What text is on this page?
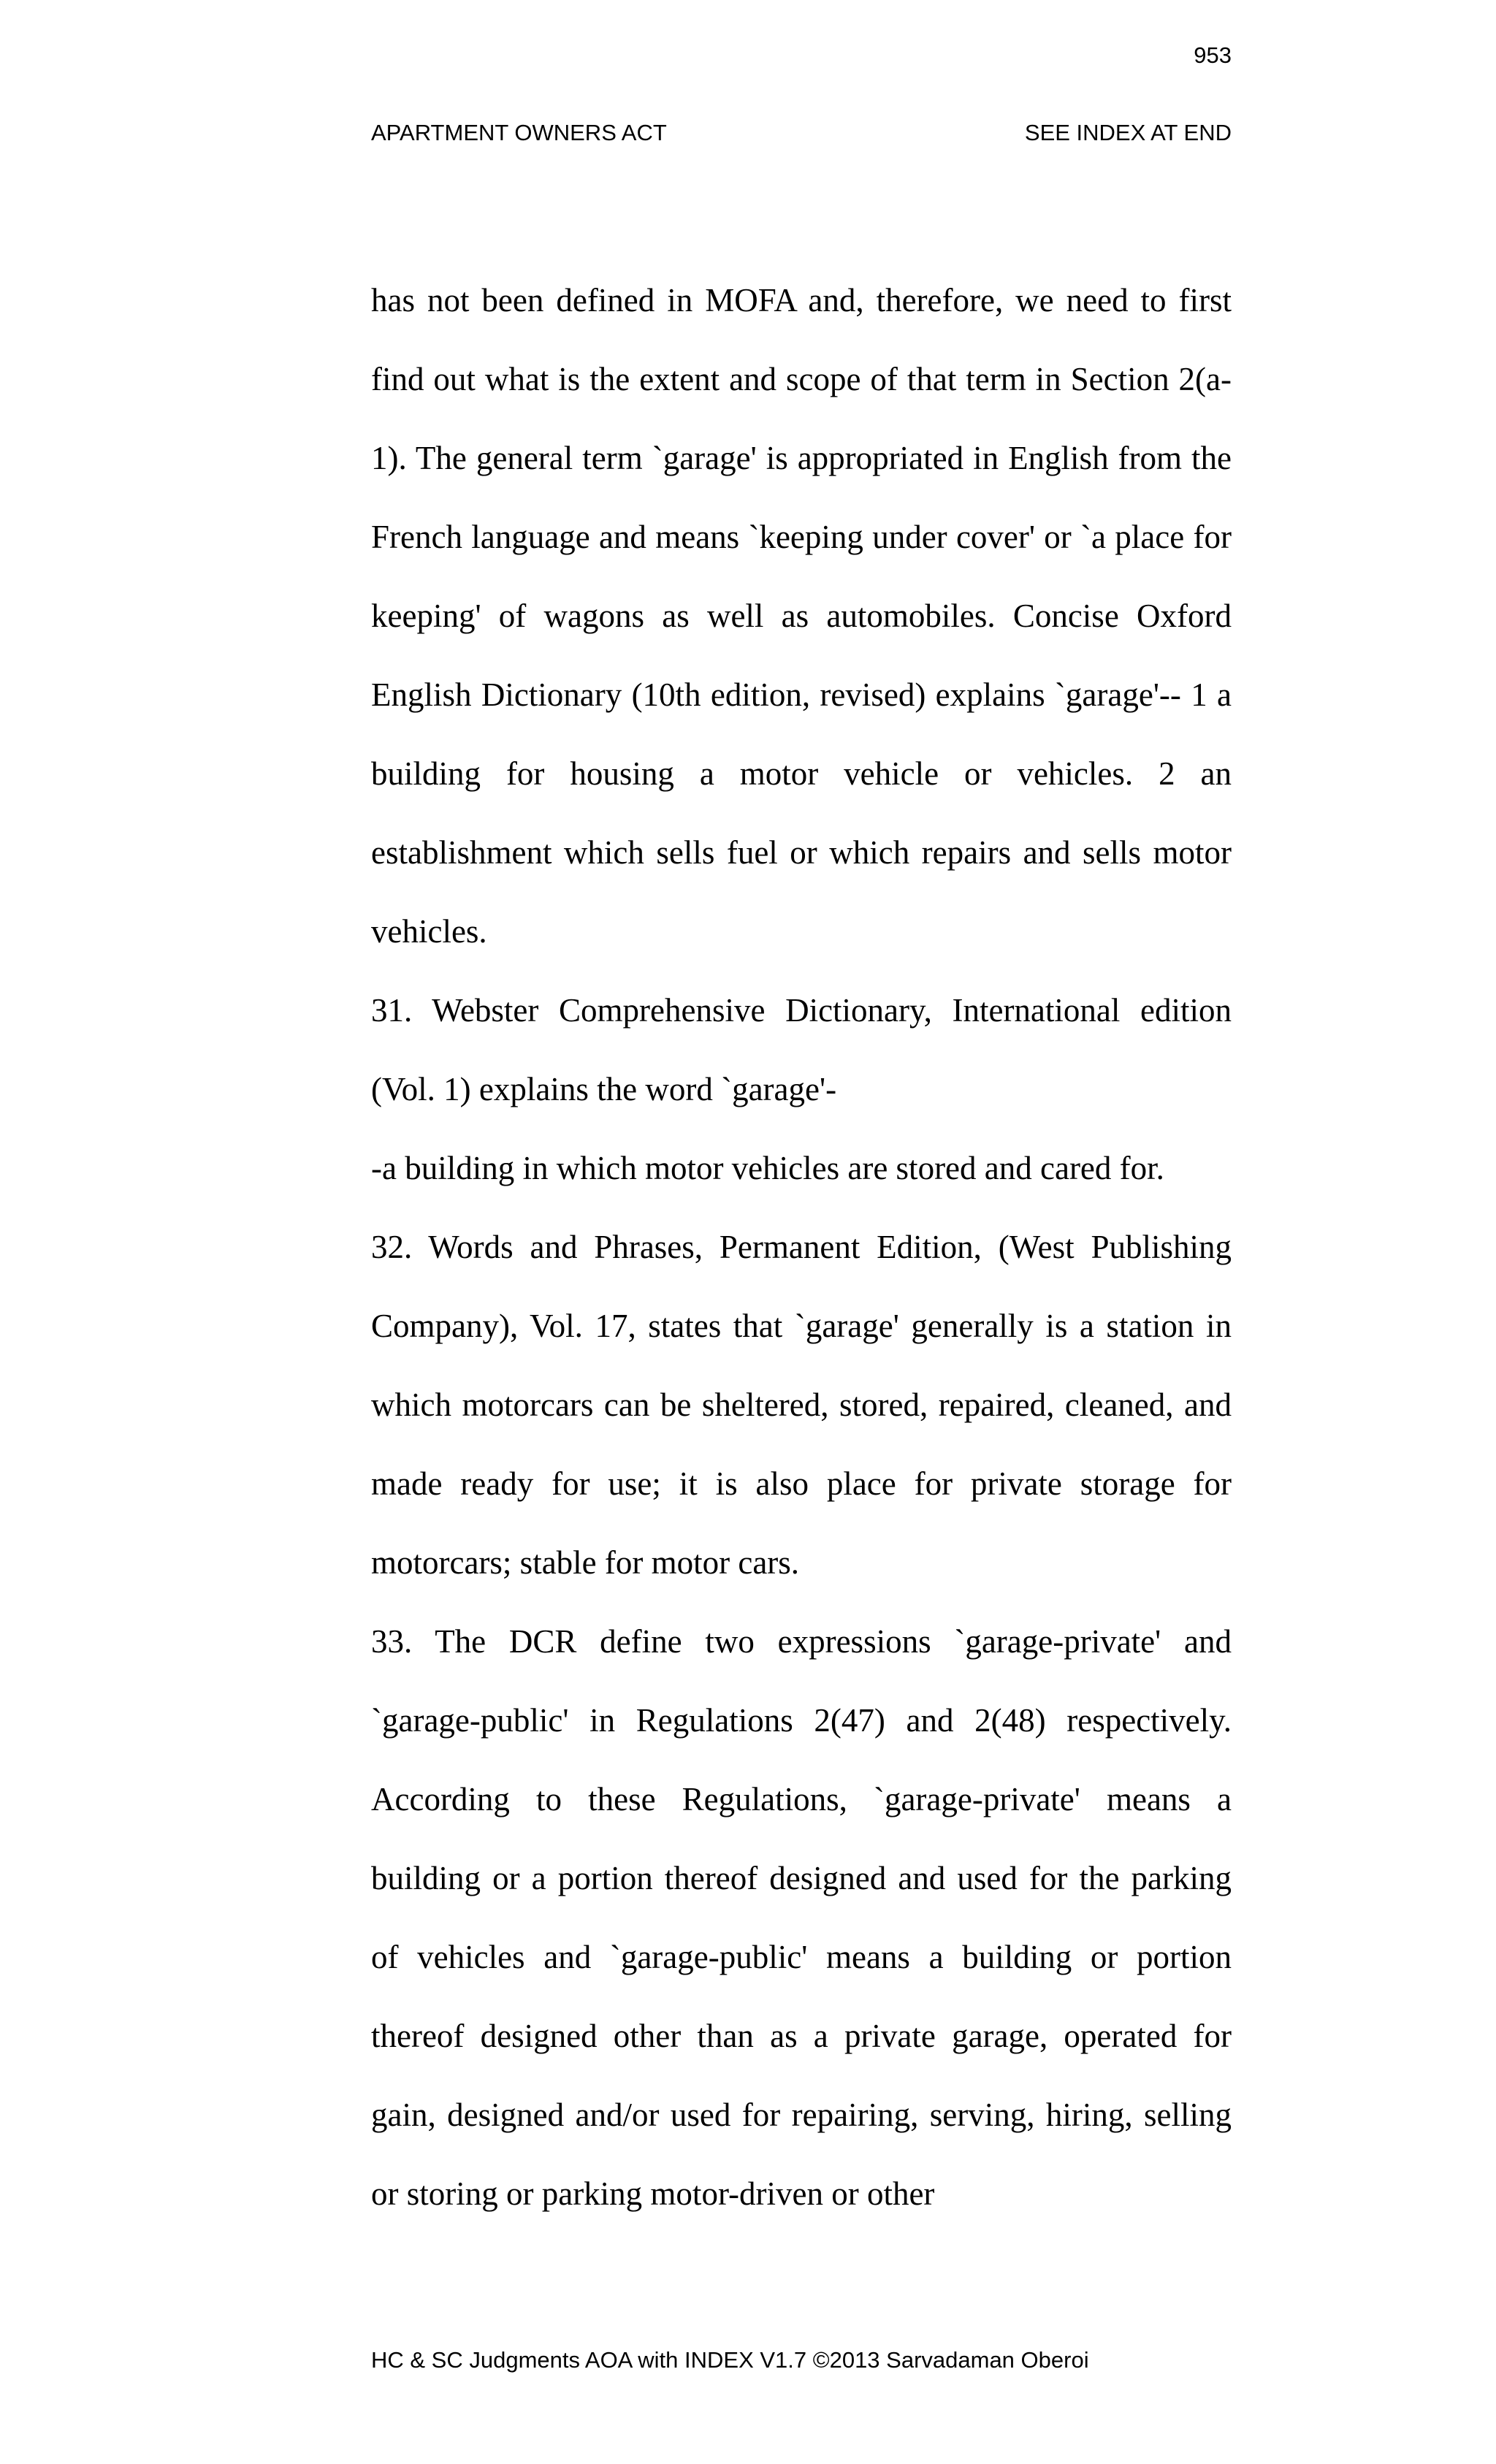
953
APARTMENT OWNERS ACT	SEE INDEX AT END

has not been defined in MOFA and, therefore, we need to first find out what is the extent and scope of that term in Section 2(a-1). The general term `garage' is appropriated in English from the French language and means `keeping under cover' or `a place for keeping' of wagons as well as automobiles. Concise Oxford English Dictionary (10th edition, revised) explains `garage'-- 1 a building for housing a motor vehicle or vehicles. 2 an establishment which sells fuel or which repairs and sells motor vehicles.

31. Webster Comprehensive Dictionary, International edition (Vol. 1) explains the word `garage'-

-a building in which motor vehicles are stored and cared for.

32. Words and Phrases, Permanent Edition, (West Publishing Company), Vol. 17, states that `garage' generally is a station in which motorcars can be sheltered, stored, repaired, cleaned, and made ready for use; it is also place for private storage for motorcars; stable for motor cars.

33. The DCR define two expressions `garage-private' and `garage-public' in Regulations 2(47) and 2(48) respectively. According to these Regulations, `garage-private' means a building or a portion thereof designed and used for the parking of vehicles and `garage-public' means a building or portion thereof designed other than as a private garage, operated for gain, designed and/or used for repairing, serving, hiring, selling or storing or parking motor-driven or other

HC & SC Judgments AOA with INDEX V1.7 ©2013 Sarvadaman Oberoi
